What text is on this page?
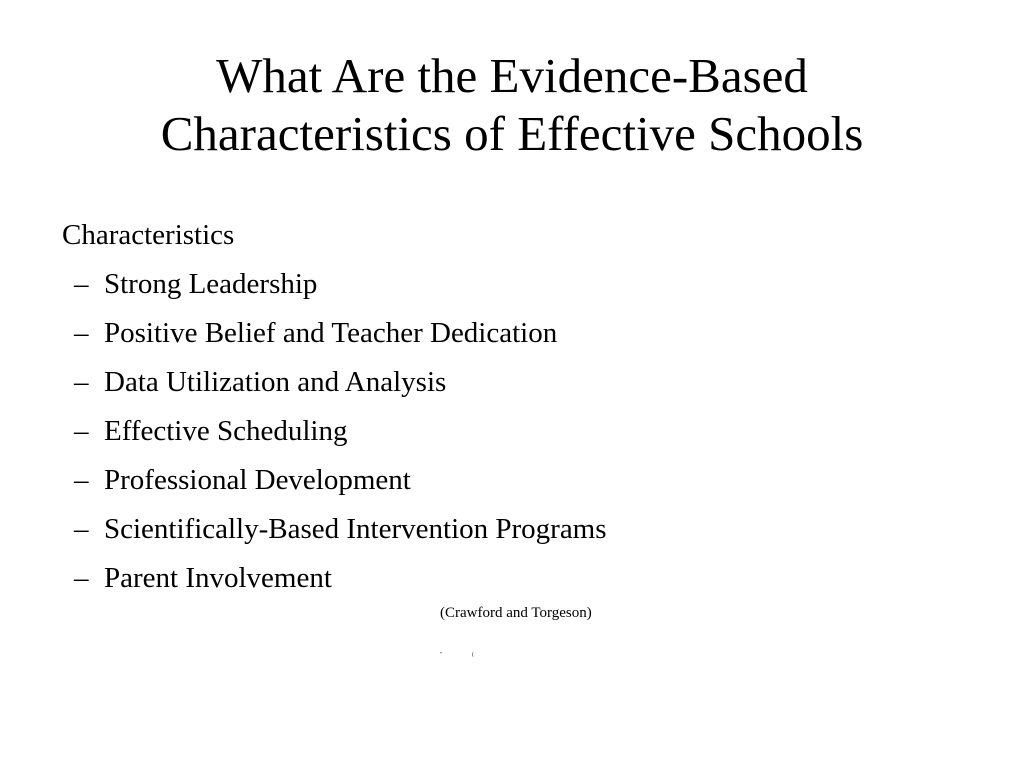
What Are the Evidence-Based
Characteristics of Effective Schools
Characteristics
– Strong Leadership
– Positive Belief and Teacher Dedication
– Data Utilization and Analysis
– Effective Scheduling
– Professional Development
– Scientifically-Based Intervention Programs
– Parent Involvement
(Crawford and Torgeson)
"	(
